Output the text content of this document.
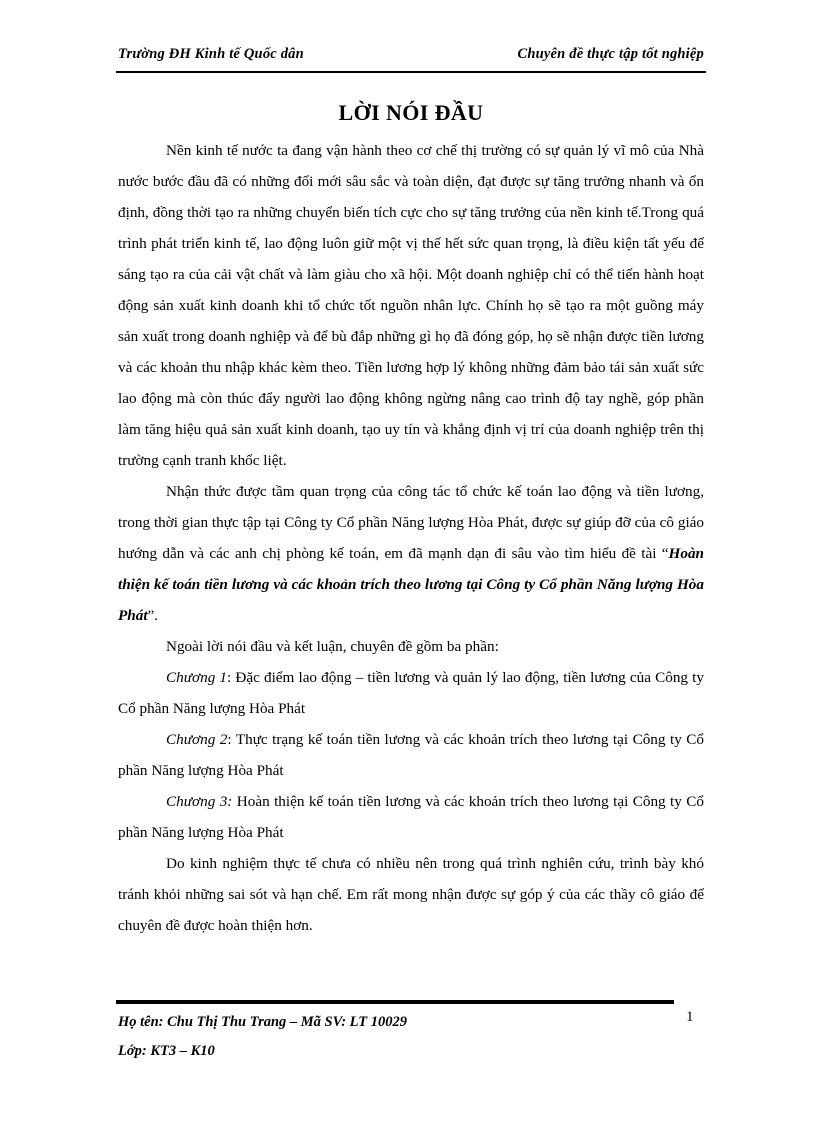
Trường ĐH Kinh tế Quốc dân	Chuyên đề thực tập tốt nghiệp
LỜI NÓI ĐẦU

Nền kinh tế nước ta đang vận hành theo cơ chế thị trường có sự quản lý vĩ mô của Nhà nước bước đầu đã có những đổi mới sâu sắc và toàn diện, đạt được sự tăng trưởng nhanh và ổn định, đồng thời tạo ra những chuyển biến tích cực cho sự tăng trưởng của nền kinh tế.Trong quá trình phát triển kinh tế, lao động luôn giữ một vị thế hết sức quan trọng, là điều kiện tất yếu để sáng tạo ra của cải vật chất và làm giàu cho xã hội. Một doanh nghiệp chỉ có thể tiến hành hoạt động sản xuất kinh doanh khi tổ chức tốt nguồn nhân lực. Chính họ sẽ tạo ra một guồng máy sản xuất trong doanh nghiệp và để bù đắp những gì họ đã đóng góp, họ sẽ nhận được tiền lương và các khoản thu nhập khác kèm theo. Tiền lương hợp lý không những đảm bảo tái sản xuất sức lao động mà còn thúc đẩy người lao động không ngừng nâng cao trình độ tay nghề, góp phần làm tăng hiệu quả sản xuất kinh doanh, tạo uy tín và khẳng định vị trí của doanh nghiệp trên thị trường cạnh tranh khốc liệt.

Nhận thức được tầm quan trọng của công tác tổ chức kế toán lao động và tiền lương, trong thời gian thực tập tại Công ty Cổ phần Năng lượng Hòa Phát, được sự giúp đỡ của cô giáo hướng dẫn và các anh chị phòng kế toán, em đã mạnh dạn đi sâu vào tìm hiểu đề tài “Hoàn thiện kế toán tiền lương và các khoản trích theo lương tại Công ty Cổ phần Năng lượng Hòa Phát”.

Ngoài lời nói đầu và kết luận, chuyên đề gồm ba phần:

Chương 1: Đặc điểm lao động – tiền lương và quản lý lao động, tiền lương của Công ty Cổ phần Năng lượng Hòa Phát

Chương 2: Thực trạng kế toán tiền lương và các khoản trích theo lương tại Công ty Cổ phần Năng lượng Hòa Phát

Chương 3: Hoàn thiện kế toán tiền lương và các khoản trích theo lương tại Công ty Cổ phần Năng lượng Hòa Phát

Do kinh nghiệm thực tế chưa có nhiều nên trong quá trình nghiên cứu, trình bày khó tránh khỏi những sai sót và hạn chế. Em rất mong nhận được sự góp ý của các thầy cô giáo để chuyên đề được hoàn thiện hơn.

Họ tên: Chu Thị Thu Trang – Mã SV: LT 10029
Lớp: KT3 – K10
1
